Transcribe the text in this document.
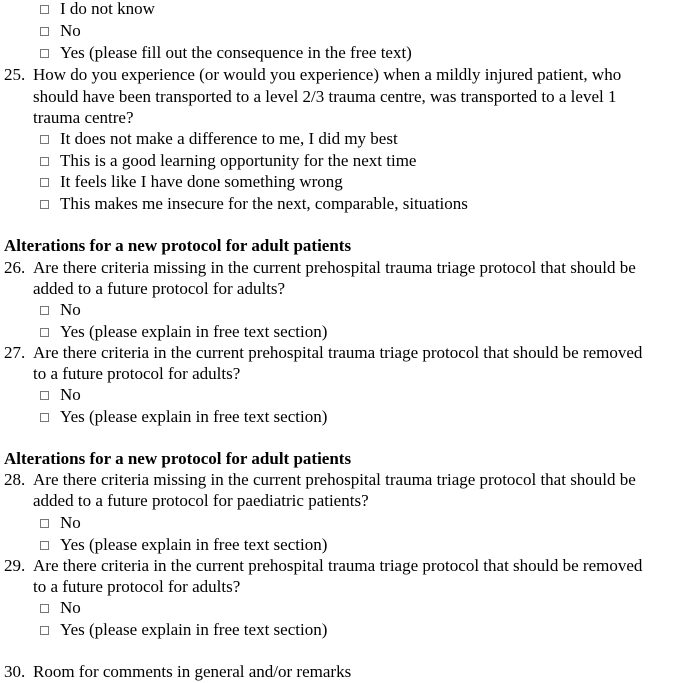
I do not know
No
Yes (please fill out the consequence in the free text)
25. How do you experience (or would you experience) when a mildly injured patient, who
should have been transported to a level 2/3 trauma centre, was transported to a level 1
trauma centre?
It does not make a difference to me, I did my best
This is a good learning opportunity for the next time
It feels like I have done something wrong
This makes me insecure for the next, comparable, situations
Alterations for a new protocol for adult patients
26. Are there criteria missing in the current prehospital trauma triage protocol that should be
added to a future protocol for adults?
No
Yes (please explain in free text section)
27. Are there criteria in the current prehospital trauma triage protocol that should be removed
to a future protocol for adults?
No
Yes (please explain in free text section)
Alterations for a new protocol for adult patients
28. Are there criteria missing in the current prehospital trauma triage protocol that should be
added to a future protocol for paediatric patients?
No
Yes (please explain in free text section)
29. Are there criteria in the current prehospital trauma triage protocol that should be removed
to a future protocol for adults?
No
Yes (please explain in free text section)
30. Room for comments in general and/or remarks
